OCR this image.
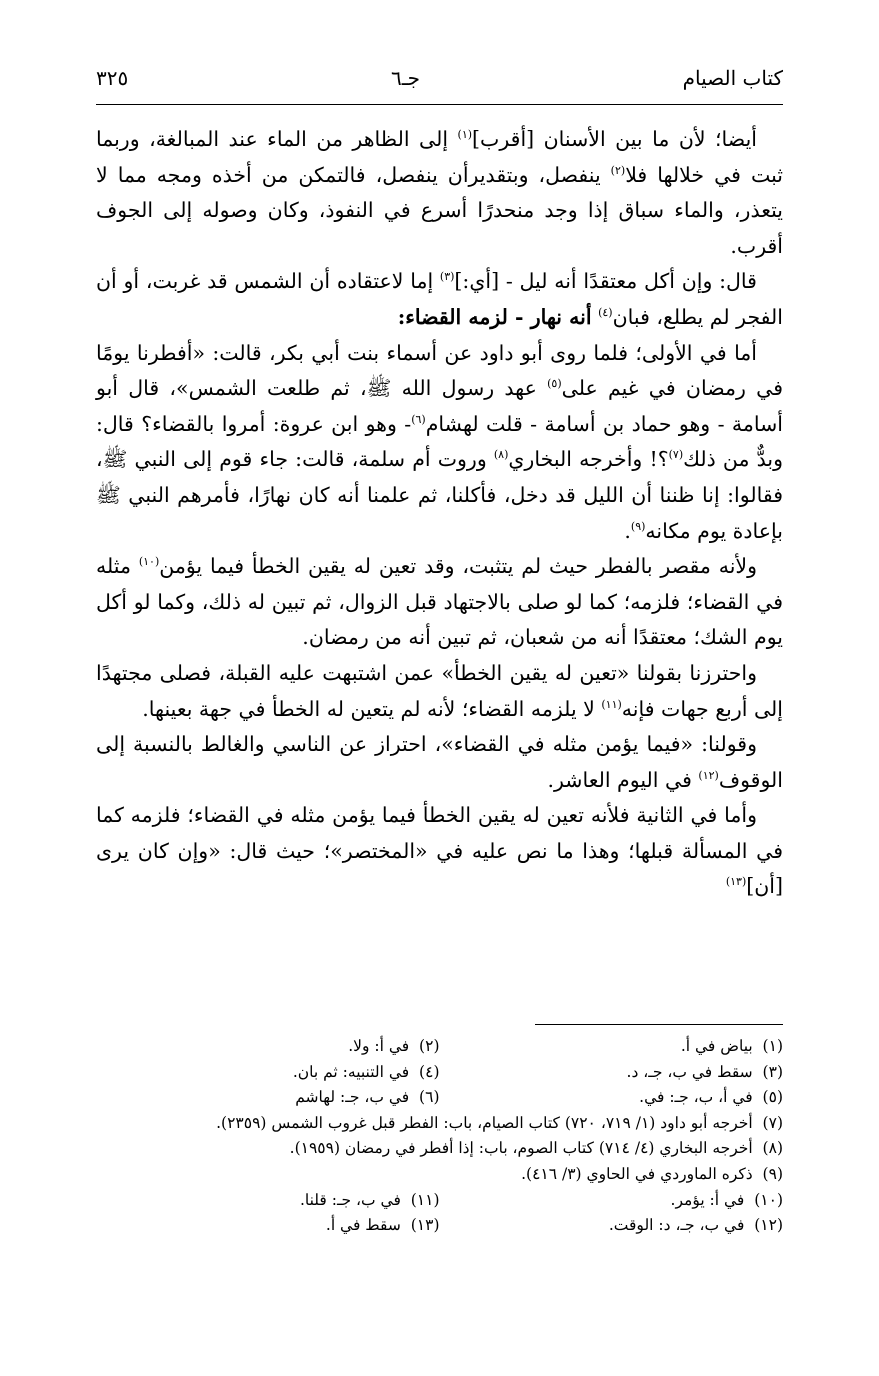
كتاب الصيام
جـ٦
٣٢٥

أيضا؛ لأن ما بين الأسنان [أقرب]$^{(١)}$ إلى الظاهر من الماء عند المبالغة، وربما ثبت في خلالها فلا$^{(٢)}$ ينفصل، وبتقديرأن ينفصل، فالتمكن من أخذه ومجه مما لا يتعذر، والماء سباق إذا وجد منحدرًا أسرع في النفوذ، وكان وصوله إلى الجوف أقرب.

قال: وإن أكل معتقدًا أنه ليل - [أي:]$^{(٣)}$ إما لاعتقاده أن الشمس قد غربت، أو أن الفجر لم يطلع، فبان$^{(٤)}$ أنه نهار - لزمه القضاء:

أما في الأولى؛ فلما روى أبو داود عن أسماء بنت أبي بكر، قالت: «أفطرنا يومًا في رمضان في غيم على$^{(٥)}$ عهد رسول الله ﷺ، ثم طلعت الشمس»، قال أبو أسامة - وهو حماد بن أسامة - قلت لهشام$^{(٦)}$- وهو ابن عروة: أمروا بالقضاء؟ قال: وبدٌّ من ذلك$^{(٧)}$؟! وأخرجه البخاري$^{(٨)}$ وروت أم سلمة، قالت: جاء قوم إلى النبي ﷺ، فقالوا: إنا ظننا أن الليل قد دخل، فأكلنا، ثم علمنا أنه كان نهارًا، فأمرهم النبي ﷺ بإعادة يوم مكانه$^{(٩)}$.

ولأنه مقصر بالفطر حيث لم يتثبت، وقد تعين له يقين الخطأ فيما يؤمن$^{(١٠)}$ مثله في القضاء؛ فلزمه؛ كما لو صلى بالاجتهاد قبل الزوال، ثم تبين له ذلك، وكما لو أكل يوم الشك؛ معتقدًا أنه من شعبان، ثم تبين أنه من رمضان.

واحترزنا بقولنا «تعين له يقين الخطأ» عمن اشتبهت عليه القبلة، فصلى مجتهدًا إلى أربع جهات فإنه$^{(١١)}$ لا يلزمه القضاء؛ لأنه لم يتعين له الخطأ في جهة بعينها.

وقولنا: «فيما يؤمن مثله في القضاء»، احتراز عن الناسي والغالط بالنسبة إلى الوقوف$^{(١٢)}$ في اليوم العاشر.

وأما في الثانية فلأنه تعين له يقين الخطأ فيما يؤمن مثله في القضاء؛ فلزمه كما في المسألة قبلها؛ وهذا ما نص عليه في «المختصر»؛ حيث قال: «وإن كان يرى [أن]$^{(١٣)}$

(١)  بياض في أ.
(٢)  في أ: ولا.
(٣)  سقط في ب، جـ، د.
(٤)  في التنبيه: ثم بان.
(٥)  في أ، ب، جـ: في.
(٦)  في ب، جـ: لهاشم
(٧)  أخرجه أبو داود (١/ ٧١٩، ٧٢٠) كتاب الصيام، باب: الفطر قبل غروب الشمس (٢٣٥٩).
(٨)  أخرجه البخاري (٤/ ٧١٤) كتاب الصوم، باب: إذا أفطر في رمضان (١٩٥٩).
(٩)  ذكره الماوردي في الحاوي (٣/ ٤١٦).
(١٠)  في أ: يؤمر.
(١١)  في ب، جـ: قلنا.
(١٢)  في ب، جـ، د: الوقت.
(١٣)  سقط في أ.
